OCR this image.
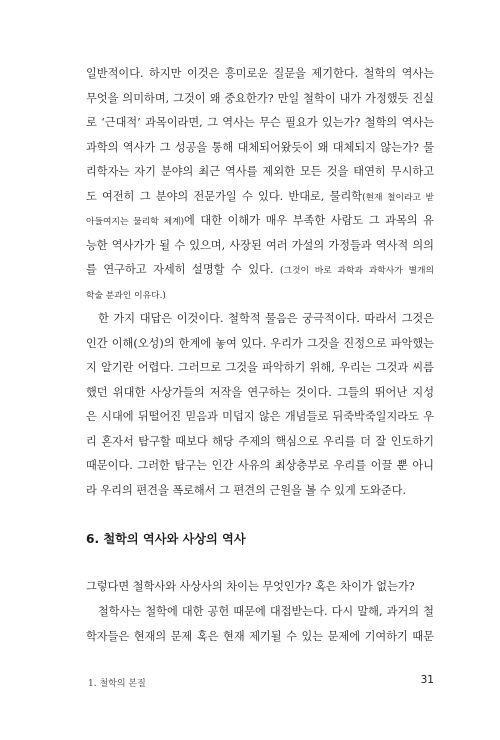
일반적이다. 하지만 이것은 흥미로운 질문을 제기한다. 철학의 역사는
무엇을 의미하며, 그것이 왜 중요한가? 만일 철학이 내가 가정했듯 진실
로 ‘근대적’ 과목이라면, 그 역사는 무슨 필요가 있는가? 철학의 역사는
과학의 역사가 그 성공을 통해 대체되어왔듯이 왜 대체되지 않는가? 물
리학자는 자기 분야의 최근 역사를 제외한 모든 것을 태연히 무시하고
도 여전히 그 분야의 전문가일 수 있다. 반대로, 물리학(현재 철이라고 받
아들여지는 물리학 체계)에 대한 이해가 매우 부족한 사람도 그 과목의 유
능한 역사가가 될 수 있으며, 사장된 여러 가설의 가정들과 역사적 의의
를 연구하고 자세히 설명할 수 있다. (그것이 바로 과학과 과학사가 별개의
학술 분과인 이유다.)
한 가지 대답은 이것이다. 철학적 물음은 궁극적이다. 따라서 그것은
인간 이해(오성)의 한계에 놓여 있다. 우리가 그것을 진정으로 파악했는
지 알기란 어렵다. 그러므로 그것을 파악하기 위해, 우리는 그것과 씨름
했던 위대한 사상가들의 저작을 연구하는 것이다. 그들의 뛰어난 지성
은 시대에 뒤떨어진 믿음과 미덥지 않은 개념들로 뒤죽박죽일지라도 우
리 혼자서 탐구할 때보다 해당 주제의 핵심으로 우리를 더 잘 인도하기
때문이다. 그러한 탐구는 인간 사유의 최상층부로 우리를 이끌 뿐 아니
라 우리의 편견을 폭로해서 그 편견의 근원을 볼 수 있게 도와준다.
6. 철학의 역사와 사상의 역사
그렇다면 철학사와 사상사의 차이는 무엇인가? 혹은 차이가 없는가?
철학사는 철학에 대한 공헌 때문에 대접받는다. 다시 말해, 과거의 철
학자들은 현재의 문제 혹은 현재 제기될 수 있는 문제에 기여하기 때문
1. 철학의 본질	31
